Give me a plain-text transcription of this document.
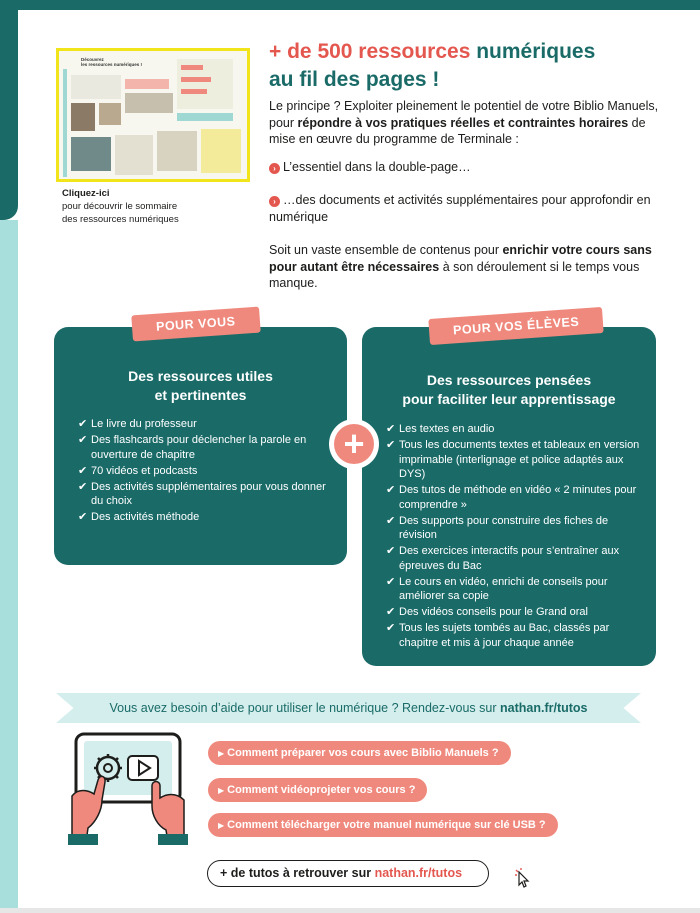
Découvrez
les ressources numériques !
Cliquez-ici
pour découvrir le sommaire
des ressources numériques
+ de 500 ressources numériques
au fil des pages !
Le principe ? Exploiter pleinement le potentiel de votre Biblio Manuels, pour répondre à vos pratiques réelles et contraintes horaires de mise en œuvre du programme de Terminale :
› L’essentiel dans la double-page…
› …des documents et activités supplémentaires pour approfondir en numérique
Soit un vaste ensemble de contenus pour enrichir votre cours sans pour autant être nécessaires à son déroulement si le temps vous manque.
Des ressources utiles
et pertinentes
✔ Le livre du professeur
✔ Des flashcards pour déclencher la parole en ouverture de chapitre
✔ 70 vidéos et podcasts
✔ Des activités supplémentaires pour vous donner du choix
✔ Des activités méthode
POUR VOUS
Des ressources pensées
pour faciliter leur apprentissage
✔ Les textes en audio
✔ Tous les documents textes et tableaux en version imprimable (interlignage et police adaptés aux DYS)
✔ Des tutos de méthode en vidéo « 2 minutes pour comprendre »
✔ Des supports pour construire des fiches de révision
✔ Des exercices interactifs pour s’entraîner aux épreuves du Bac
✔ Le cours en vidéo, enrichi de conseils pour améliorer sa copie
✔ Des vidéos conseils pour le Grand oral
✔ Tous les sujets tombés au Bac, classés par chapitre et mis à jour chaque année
POUR VOS ÉLÈVES
+
Vous avez besoin d’aide pour utiliser le numérique ? Rendez-vous sur nathan.fr/tutos
▶ Comment préparer vos cours avec Biblio Manuels ?
▶ Comment vidéoprojeter vos cours ?
▶ Comment télécharger votre manuel numérique sur clé USB ?
+ de tutos à retrouver sur nathan.fr/tutos
